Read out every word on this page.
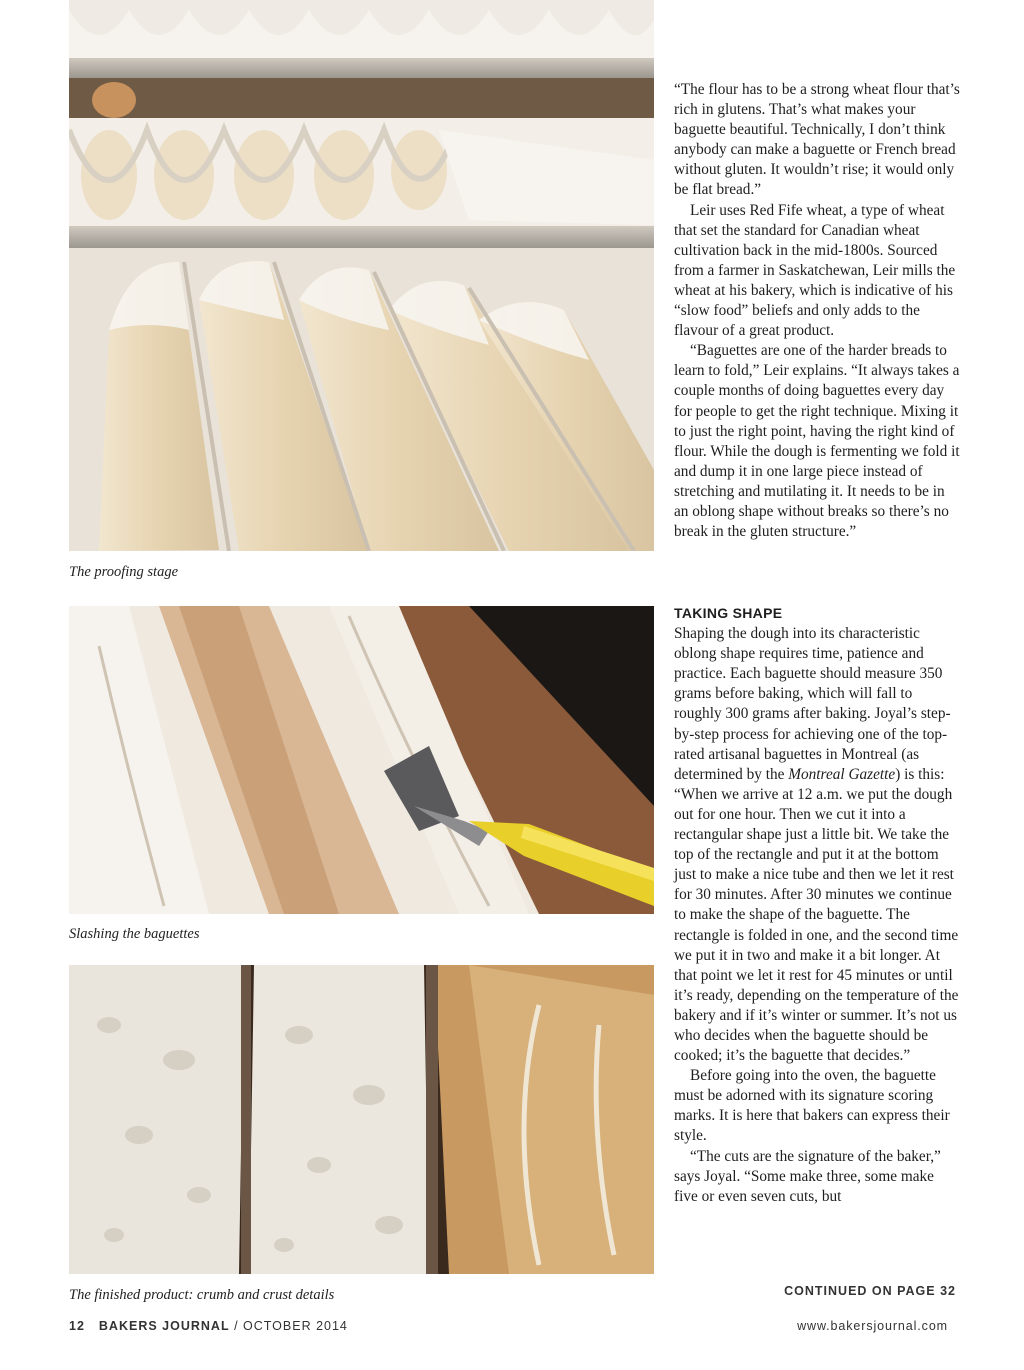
The proofing stage
Slashing the baguettes
The finished product: crumb and crust details

“The flour has to be a strong wheat flour that’s rich in glutens. That’s what makes your baguette beautiful. Technically, I don’t think anybody can make a baguette or French bread without gluten. It wouldn’t rise; it would only be flat bread.”

Leir uses Red Fife wheat, a type of wheat that set the standard for Canadian wheat cultivation back in the mid-1800s. Sourced from a farmer in Saskatchewan, Leir mills the wheat at his bakery, which is indicative of his “slow food” beliefs and only adds to the flavour of a great product.

“Baguettes are one of the harder breads to learn to fold,” Leir explains. “It always takes a couple months of doing baguettes every day for people to get the right technique. Mixing it to just the right point, having the right kind of flour. While the dough is fermenting we fold it and dump it in one large piece instead of stretching and mutilating it. It needs to be in an oblong shape without breaks so there’s no break in the gluten structure.”

TAKING SHAPE

Shaping the dough into its characteristic oblong shape requires time, patience and practice. Each baguette should measure 350 grams before baking, which will fall to roughly 300 grams after baking. Joyal’s step-by-step process for achieving one of the top-rated artisanal baguettes in Montreal (as determined by the Montreal Gazette) is this: “When we arrive at 12 a.m. we put the dough out for one hour. Then we cut it into a rectangular shape just a little bit. We take the top of the rectangle and put it at the bottom just to make a nice tube and then we let it rest for 30 minutes. After 30 minutes we continue to make the shape of the baguette. The rectangle is folded in one, and the second time we put it in two and make it a bit longer. At that point we let it rest for 45 minutes or until it’s ready, depending on the temperature of the bakery and if it’s winter or summer. It’s not us who decides when the baguette should be cooked; it’s the baguette that decides.”

Before going into the oven, the baguette must be adorned with its signature scoring marks. It is here that bakers can express their style.

“The cuts are the signature of the baker,” says Joyal. “Some make three, some make five or even seven cuts, but

CONTINUED ON PAGE 32
12 BAKERS JOURNAL / OCTOBER 2014	www.bakersjournal.com
